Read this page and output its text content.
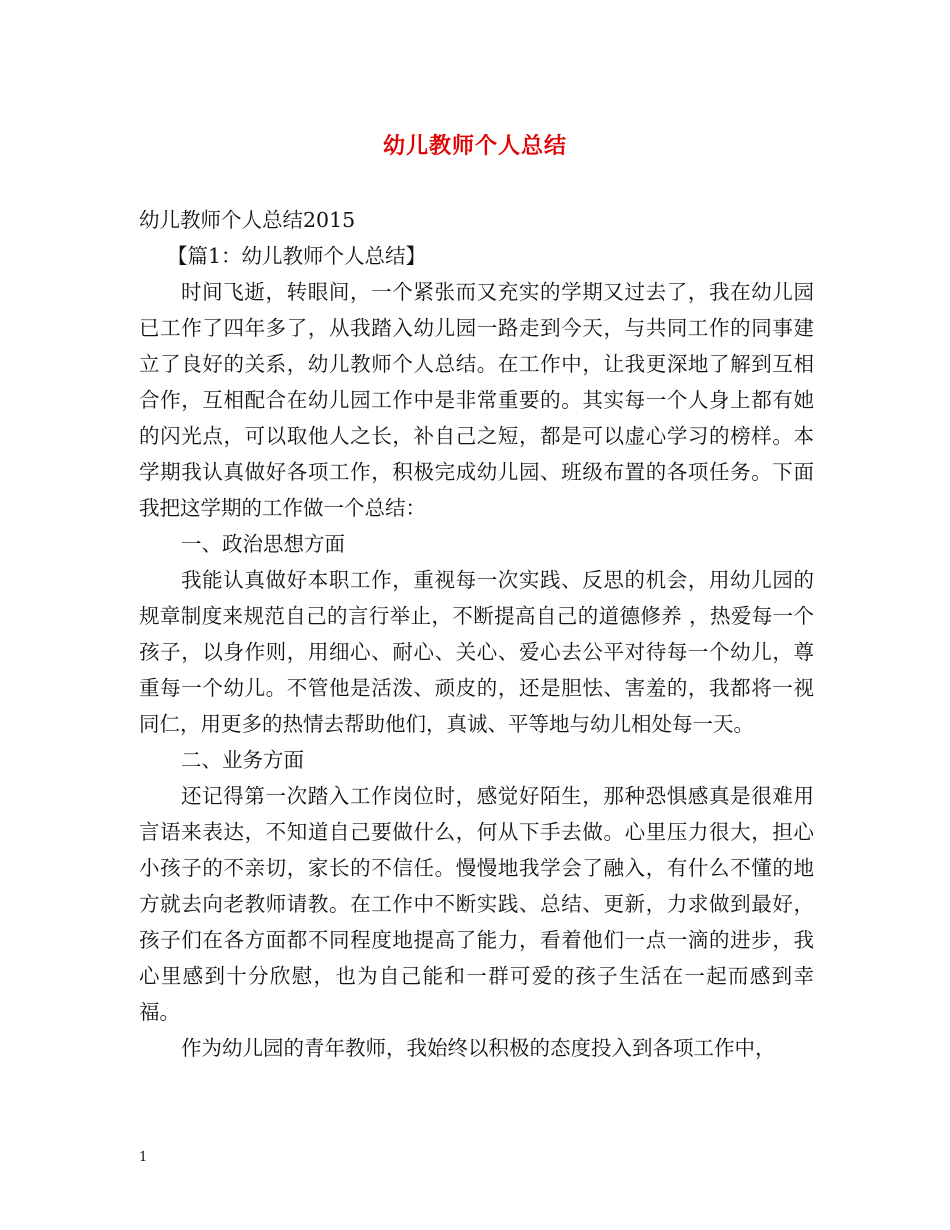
幼儿教师个人总结

幼儿教师个人总结2015

【篇1：幼儿教师个人总结】

时间飞逝，转眼间，一个紧张而又充实的学期又过去了，我在幼儿园已工作了四年多了，从我踏入幼儿园一路走到今天，与共同工作的同事建立了良好的关系，幼儿教师个人总结。在工作中，让我更深地了解到互相合作，互相配合在幼儿园工作中是非常重要的。其实每一个人身上都有她的闪光点，可以取他人之长，补自己之短，都是可以虚心学习的榜样。本学期我认真做好各项工作，积极完成幼儿园、班级布置的各项任务。下面我把这学期的工作做一个总结：

一、政治思想方面

我能认真做好本职工作，重视每一次实践、反思的机会，用幼儿园的规章制度来规范自己的言行举止，不断提高自己的道德修养 ，热爱每一个孩子，以身作则，用细心、耐心、关心、爱心去公平对待每一个幼儿，尊重每一个幼儿。不管他是活泼、顽皮的，还是胆怯、害羞的，我都将一视同仁，用更多的热情去帮助他们，真诚、平等地与幼儿相处每一天。

二、业务方面

还记得第一次踏入工作岗位时，感觉好陌生，那种恐惧感真是很难用言语来表达，不知道自己要做什么，何从下手去做。心里压力很大，担心小孩子的不亲切，家长的不信任。慢慢地我学会了融入，有什么不懂的地方就去向老教师请教。在工作中不断实践、总结、更新，力求做到最好，孩子们在各方面都不同程度地提高了能力，看着他们一点一滴的进步，我心里感到十分欣慰，也为自己能和一群可爱的孩子生活在一起而感到幸福。

作为幼儿园的青年教师，我始终以积极的态度投入到各项工作中，

1
